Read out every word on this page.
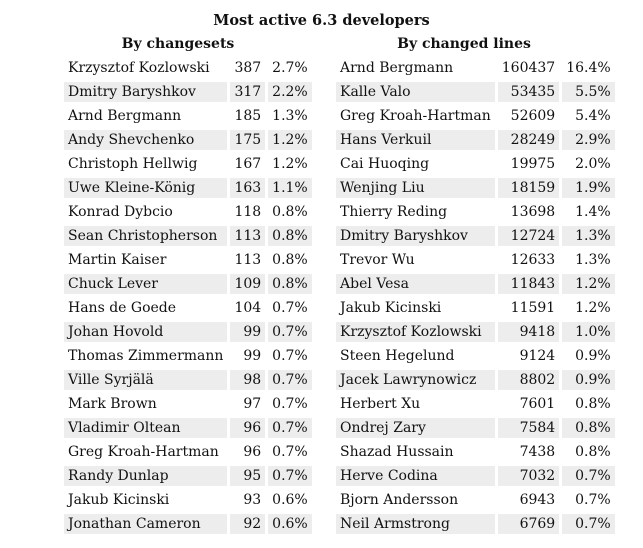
Most active 6.3 developers
By changesets	By changed lines
Krzysztof Kozlowski	387	2.7%
Dmitry Baryshkov	317	2.2%
Arnd Bergmann	185	1.3%
Andy Shevchenko	175	1.2%
Christoph Hellwig	167	1.2%
Uwe Kleine-König	163	1.1%
Konrad Dybcio	118	0.8%
Sean Christopherson	113	0.8%
Martin Kaiser	113	0.8%
Chuck Lever	109	0.8%
Hans de Goede	104	0.7%
Johan Hovold	99	0.7%
Thomas Zimmermann	99	0.7%
Ville Syrjälä	98	0.7%
Mark Brown	97	0.7%
Vladimir Oltean	96	0.7%
Greg Kroah-Hartman	96	0.7%
Randy Dunlap	95	0.7%
Jakub Kicinski	93	0.6%
Jonathan Cameron	92	0.6%
Arnd Bergmann	160437	16.4%
Kalle Valo	53435	5.5%
Greg Kroah-Hartman	52609	5.4%
Hans Verkuil	28249	2.9%
Cai Huoqing	19975	2.0%
Wenjing Liu	18159	1.9%
Thierry Reding	13698	1.4%
Dmitry Baryshkov	12724	1.3%
Trevor Wu	12633	1.3%
Abel Vesa	11843	1.2%
Jakub Kicinski	11591	1.2%
Krzysztof Kozlowski	9418	1.0%
Steen Hegelund	9124	0.9%
Jacek Lawrynowicz	8802	0.9%
Herbert Xu	7601	0.8%
Ondrej Zary	7584	0.8%
Shazad Hussain	7438	0.8%
Herve Codina	7032	0.7%
Bjorn Andersson	6943	0.7%
Neil Armstrong	6769	0.7%
